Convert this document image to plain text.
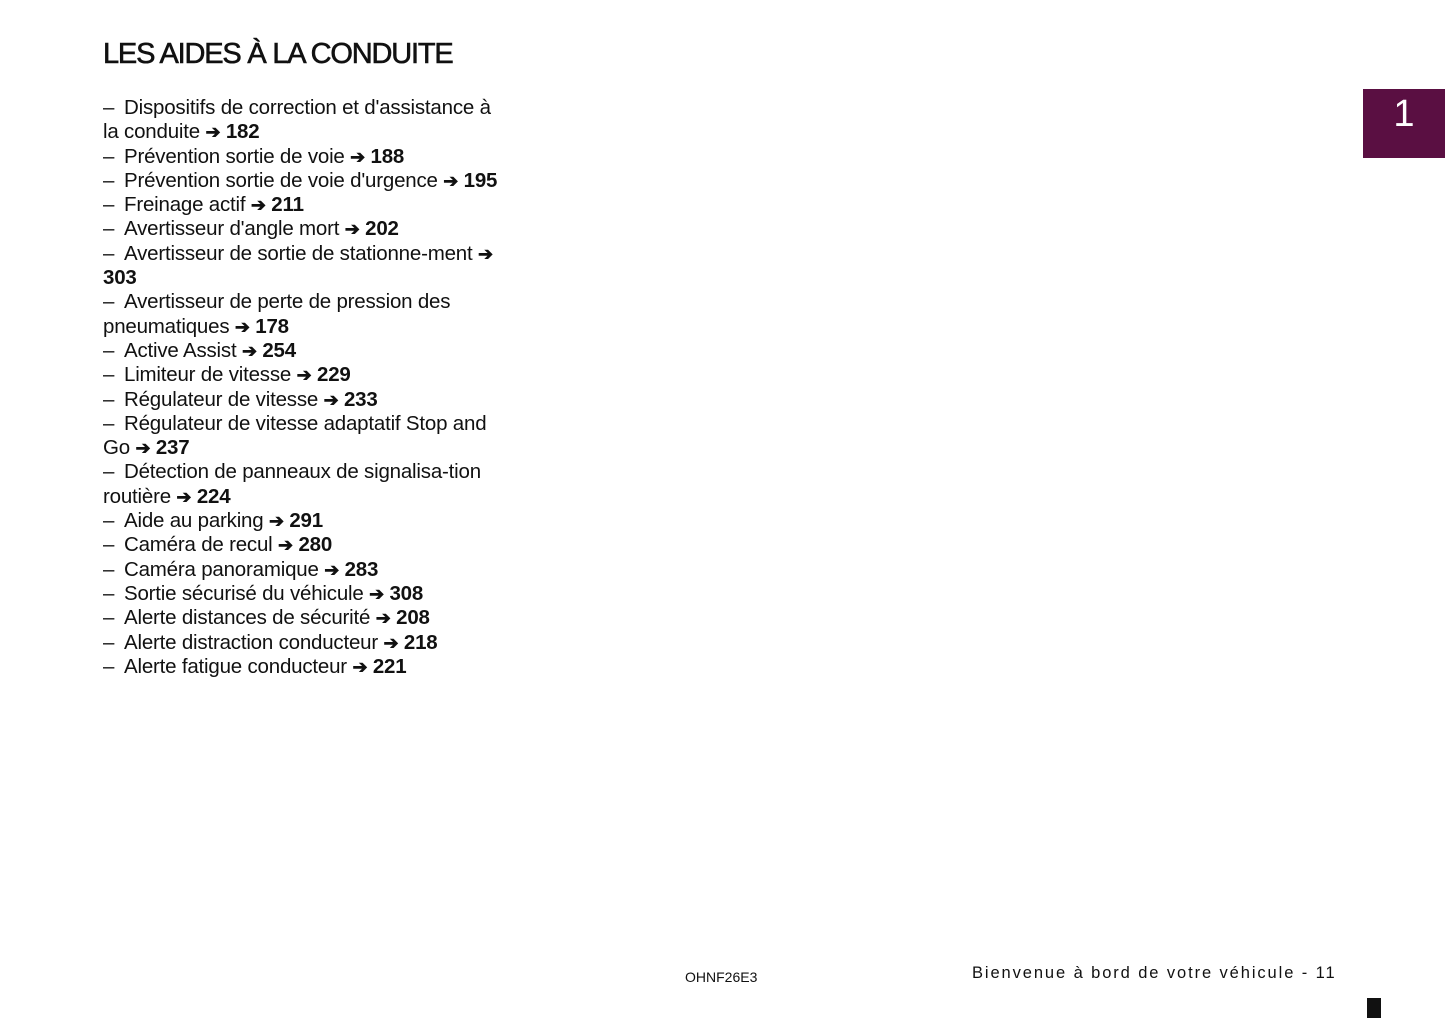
LES AIDES À LA CONDUITE
– Dispositifs de correction et d'assistance à la conduite ➔ 182
– Prévention sortie de voie ➔ 188
– Prévention sortie de voie d'urgence ➔ 195
– Freinage actif ➔ 211
– Avertisseur d'angle mort ➔ 202
– Avertisseur de sortie de stationne-ment ➔ 303
– Avertisseur de perte de pression des pneumatiques ➔ 178
– Active Assist ➔ 254
– Limiteur de vitesse ➔ 229
– Régulateur de vitesse ➔ 233
– Régulateur de vitesse adaptatif Stop and Go ➔ 237
– Détection de panneaux de signalisa-tion routière ➔ 224
– Aide au parking ➔ 291
– Caméra de recul ➔ 280
– Caméra panoramique ➔ 283
– Sortie sécurisé du véhicule ➔ 308
– Alerte distances de sécurité ➔ 208
– Alerte distraction conducteur ➔ 218
– Alerte fatigue conducteur ➔ 221
1
OHNF26E3	Bienvenue à bord de votre véhicule - 11
